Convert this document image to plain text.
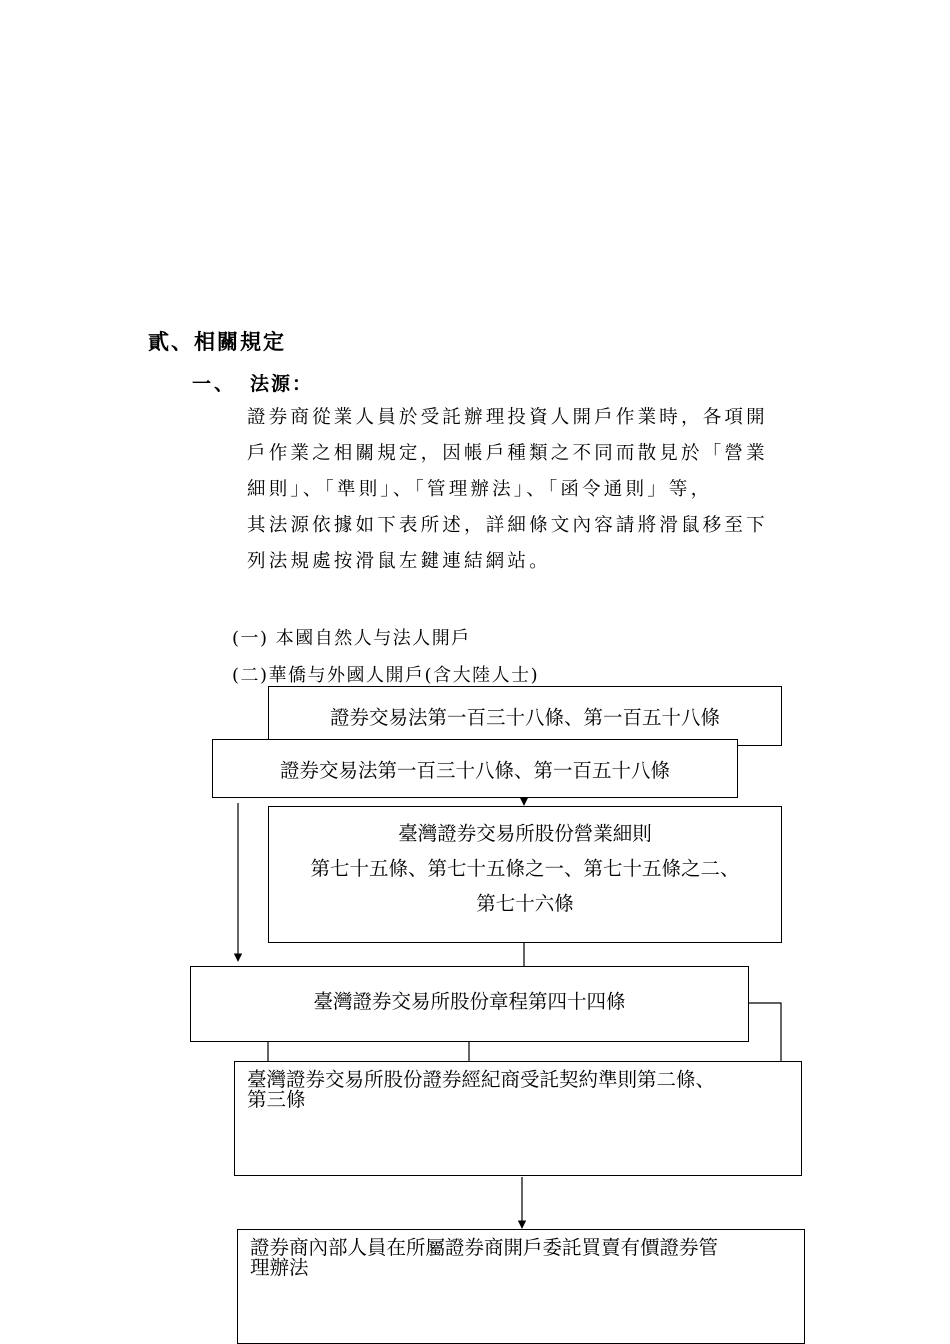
貳、相關規定
一、 法源：
證券商從業人員於受託辦理投資人開戶作業時，各項開
戶作業之相關規定，因帳戶種類之不同而散見於「營業
細則」、「準則」、「管理辦法」、「函令通則」等，
其法源依據如下表所述，詳細條文內容請將滑鼠移至下
列法規處按滑鼠左鍵連結網站。
(一) 本國自然人与法人開戶
(二)華僑与外國人開戶(含大陸人士)
證券交易法第一百三十八條、第一百五十八條
證券交易法第一百三十八條、第一百五十八條
臺灣證券交易所股份營業細則
第七十五條、第七十五條之一、第七十五條之二、
第七十六條
臺灣證券交易所股份章程第四十四條
臺灣證券交易所股份證券經紀商受託契約準則第二條、
第三條
證券商內部人員在所屬證券商開戶委託買賣有價證券管
理辦法
